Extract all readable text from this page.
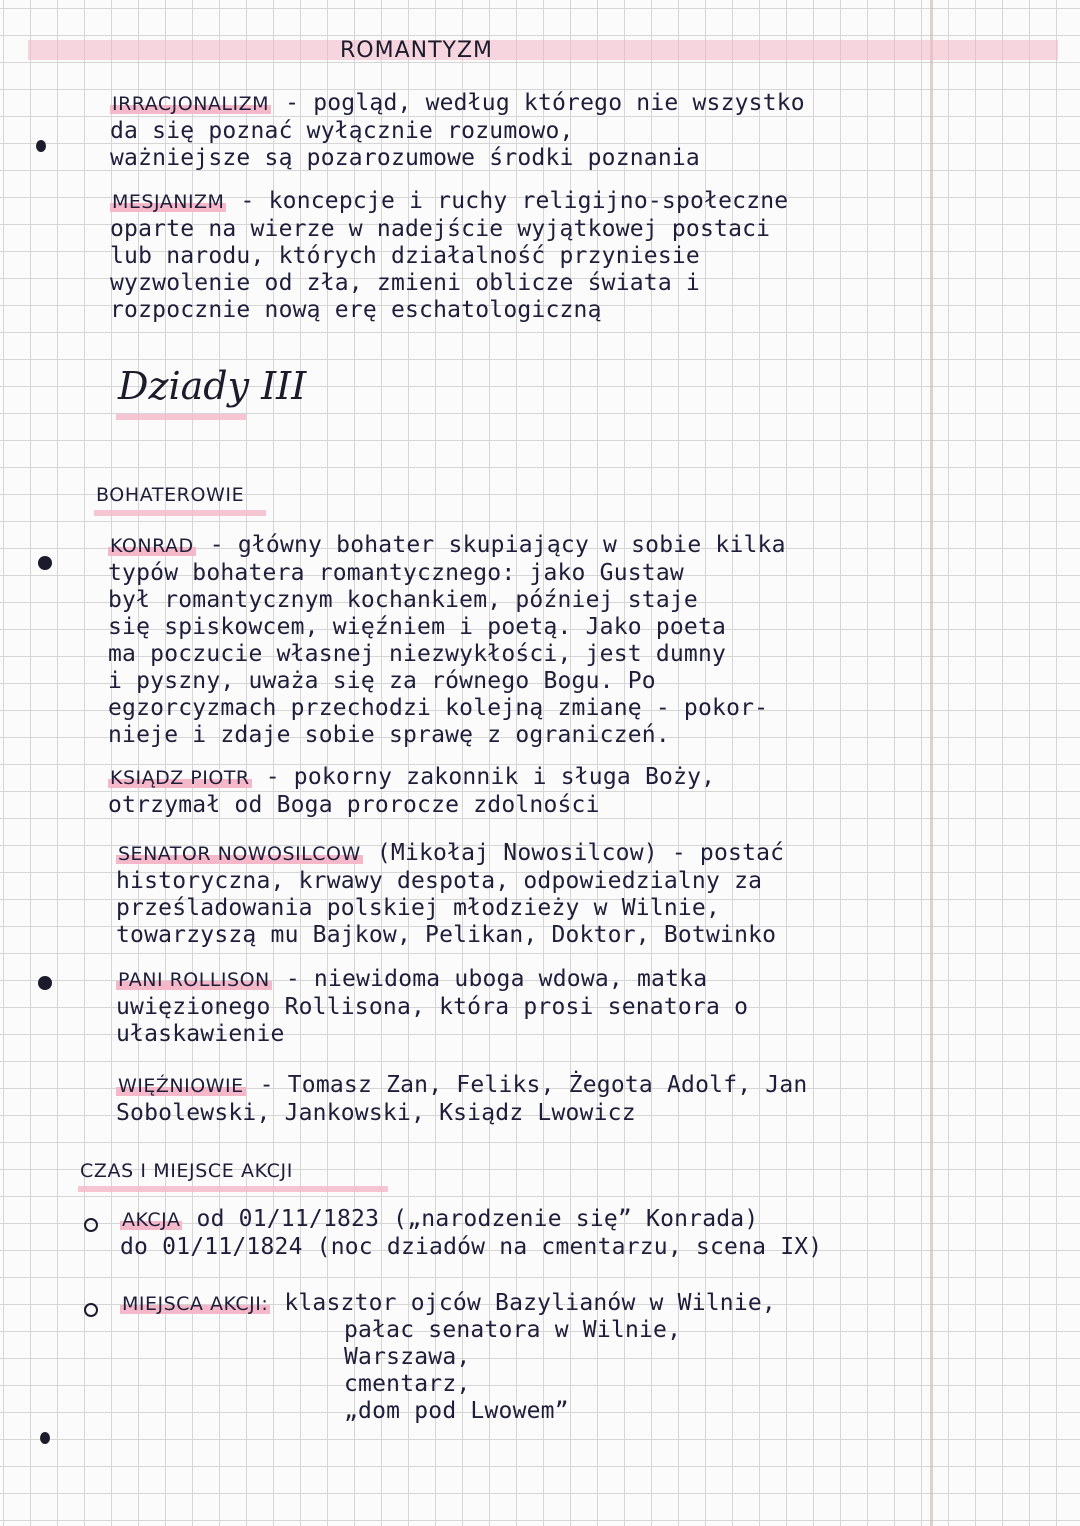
ROMANTYZM

IRRACJONALIZM - pogląd, według którego nie wszystko
da się poznać wyłącznie rozumowo,
ważniejsze są pozarozumowe środki poznania

MESJANIZM - koncepcje i ruchy religijno-społeczne
oparte na wierze w nadejście wyjątkowej postaci
lub narodu, których działalność przyniesie
wyzwolenie od zła, zmieni oblicze świata i
rozpocznie nową erę eschatologiczną

Dziady III
BOHATEROWIE

KONRAD - główny bohater skupiający w sobie kilka
typów bohatera romantycznego: jako Gustaw
był romantycznym kochankiem, później staje
się spiskowcem, więźniem i poetą. Jako poeta
ma poczucie własnej niezwykłości, jest dumny
i pyszny, uważa się za równego Bogu. Po
egzorcyzmach przechodzi kolejną zmianę - pokor-
nieje i zdaje sobie sprawę z ograniczeń.

KSIĄDZ PIOTR - pokorny zakonnik i sługa Boży,
otrzymał od Boga prorocze zdolności

SENATOR NOWOSILCOW (Mikołaj Nowosilcow) - postać
historyczna, krwawy despota, odpowiedzialny za
prześladowania polskiej młodzieży w Wilnie,
towarzyszą mu Bajkow, Pelikan, Doktor, Botwinko

PANI ROLLISON - niewidoma uboga wdowa, matka
uwięzionego Rollisona, która prosi senatora o
ułaskawienie

WIĘŹNIOWIE - Tomasz Zan, Feliks, Żegota Adolf, Jan
Sobolewski, Jankowski, Ksiądz Lwowicz

CZAS I MIEJSCE AKCJI

AKCJA od 01/11/1823 („narodzenie się” Konrada)
do 01/11/1824 (noc dziadów na cmentarzu, scena IX)

MIEJSCA AKCJI: klasztor ojców Bazylianów w Wilnie,

pałac senatora w Wilnie,
Warszawa,
cmentarz,
„dom pod Lwowem”
